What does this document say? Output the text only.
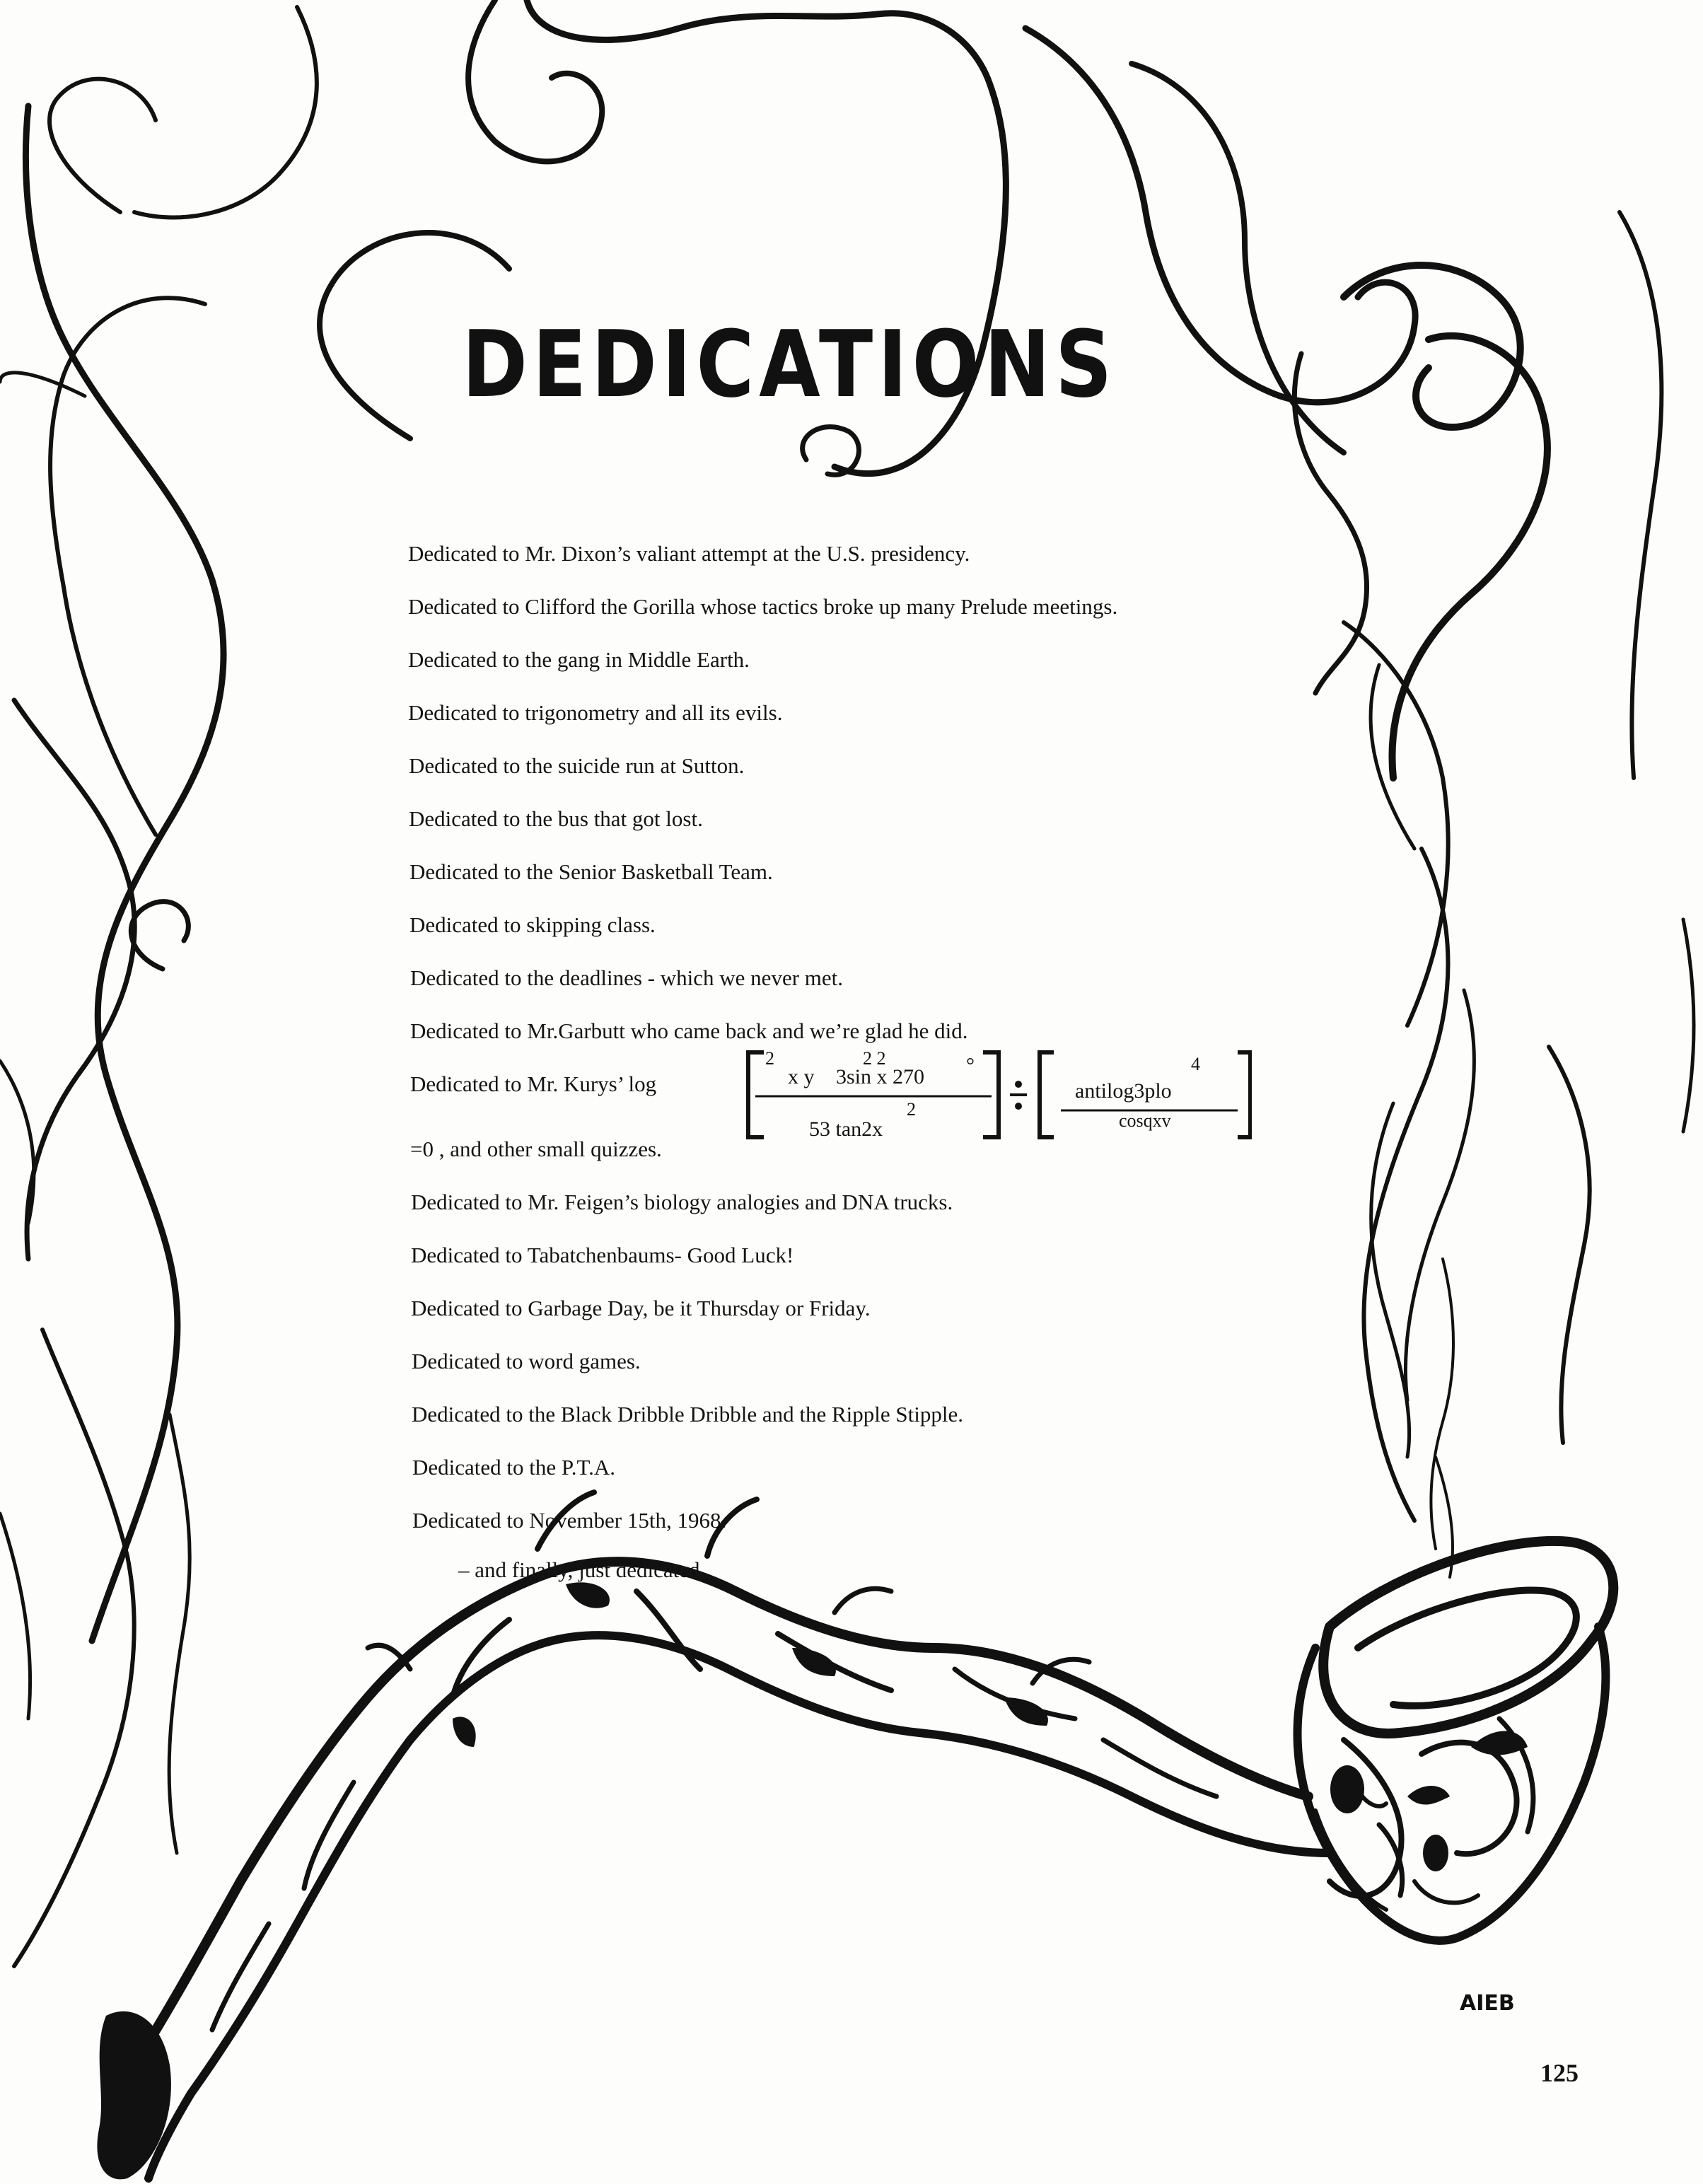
DEDICATIONS
Dedicated to Mr. Dixon’s valiant attempt at the U.S. presidency.
Dedicated to Clifford the Gorilla whose tactics broke up many Prelude meetings.
Dedicated to the gang in Middle Earth.
Dedicated to trigonometry and all its evils.
Dedicated to the suicide run at Sutton.
Dedicated to the bus that got lost.
Dedicated to the Senior Basketball Team.
Dedicated to skipping class.
Dedicated to the deadlines - which we never met.
Dedicated to Mr.Garbutt who came back and we’re glad he did.
Dedicated to Mr. Kurys’ log
=0 , and other small quizzes.
Dedicated to Mr. Feigen’s biology analogies and DNA trucks.
Dedicated to Tabatchenbaums- Good Luck!
Dedicated to Garbage Day, be it Thursday or Friday.
Dedicated to word games.
Dedicated to the Black Dribble Dribble and the Ripple Stipple.
Dedicated to the P.T.A.
Dedicated to November 15th, 1968.
– and finally, just dedicated.
2
x y
2 2
3sin x 270 °
2
53 tan2x
4
antilog3plo
cosqxv
AIEB
125
